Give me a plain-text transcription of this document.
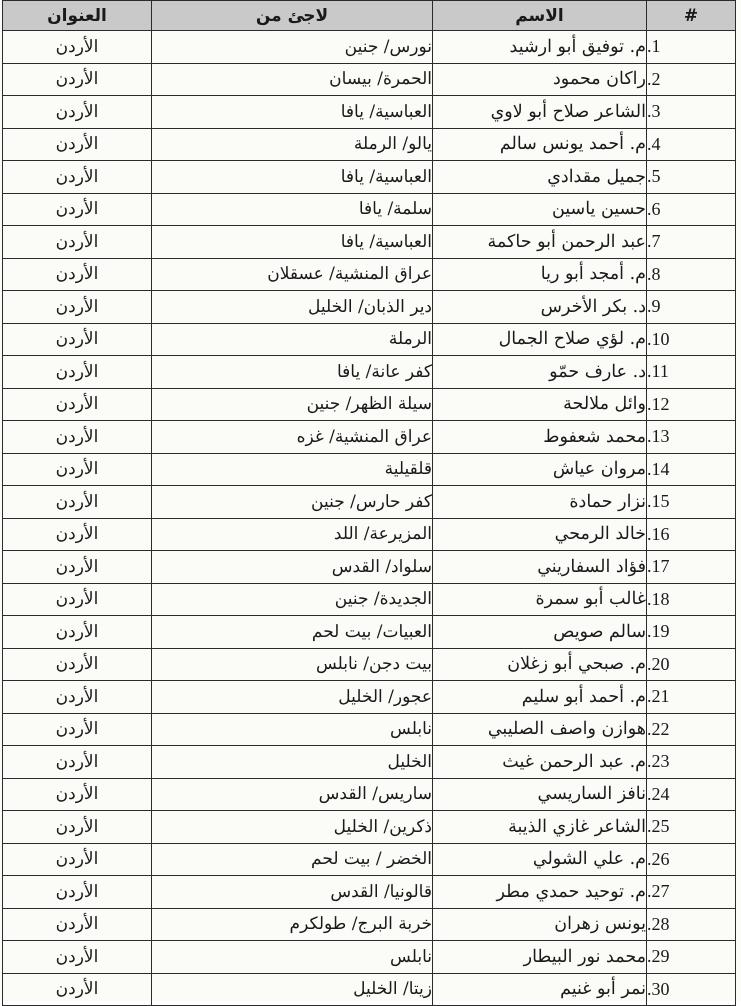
العنوان	لاجئ من	الاسم	#
الأردن	نورس/ جنين	م. توفيق أبو ارشيد	.1
الأردن	الحمرة/ بيسان	راكان محمود	.2
الأردن	العباسية/ يافا	الشاعر صلاح أبو لاوي	.3
الأردن	يالو/ الرملة	م. أحمد يونس سالم	.4
الأردن	العباسية/ يافا	جميل مقدادي	.5
الأردن	سلمة/ يافا	حسين ياسين	.6
الأردن	العباسية/ يافا	عبد الرحمن أبو حاكمة	.7
الأردن	عراق المنشية/ عسقلان	م. أمجد أبو ريا	.8
الأردن	دير الذبان/ الخليل	د. بكر الأخرس	.9
الأردن	الرملة	م. لؤي صلاح الجمال	.10
الأردن	كفر عانة/ يافا	د. عارف حمّو	.11
الأردن	سيلة الظهر/ جنين	وائل ملالحة	.12
الأردن	عراق المنشية/ غزه	محمد شعفوط	.13
الأردن	قلقيلية	مروان عياش	.14
الأردن	كفر حارس/ جنين	نزار حمادة	.15
الأردن	المزيرعة/ اللد	خالد الرمحي	.16
الأردن	سلواد/ القدس	فؤاد السفاريني	.17
الأردن	الجديدة/ جنين	غالب أبو سمرة	.18
الأردن	العبيات/ بيت لحم	سالم صويص	.19
الأردن	بيت دجن/ نابلس	م. صبحي أبو زغلان	.20
الأردن	عجور/ الخليل	م. أحمد أبو سليم	.21
الأردن	نابلس	هوازن واصف الصليبي	.22
الأردن	الخليل	م. عبد الرحمن غيث	.23
الأردن	ساريس/ القدس	نافز الساريسي	.24
الأردن	ذكرين/ الخليل	الشاعر غازي الذيبة	.25
الأردن	الخضر / بيت لحم	م. علي الشولي	.26
الأردن	قالونيا/ القدس	م. توحيد حمدي مطر	.27
الأردن	خربة البرج/ طولكرم	يونس زهران	.28
الأردن	نابلس	محمد نور البيطار	.29
الأردن	زيتا/ الخليل	نمر أبو غنيم	.30
